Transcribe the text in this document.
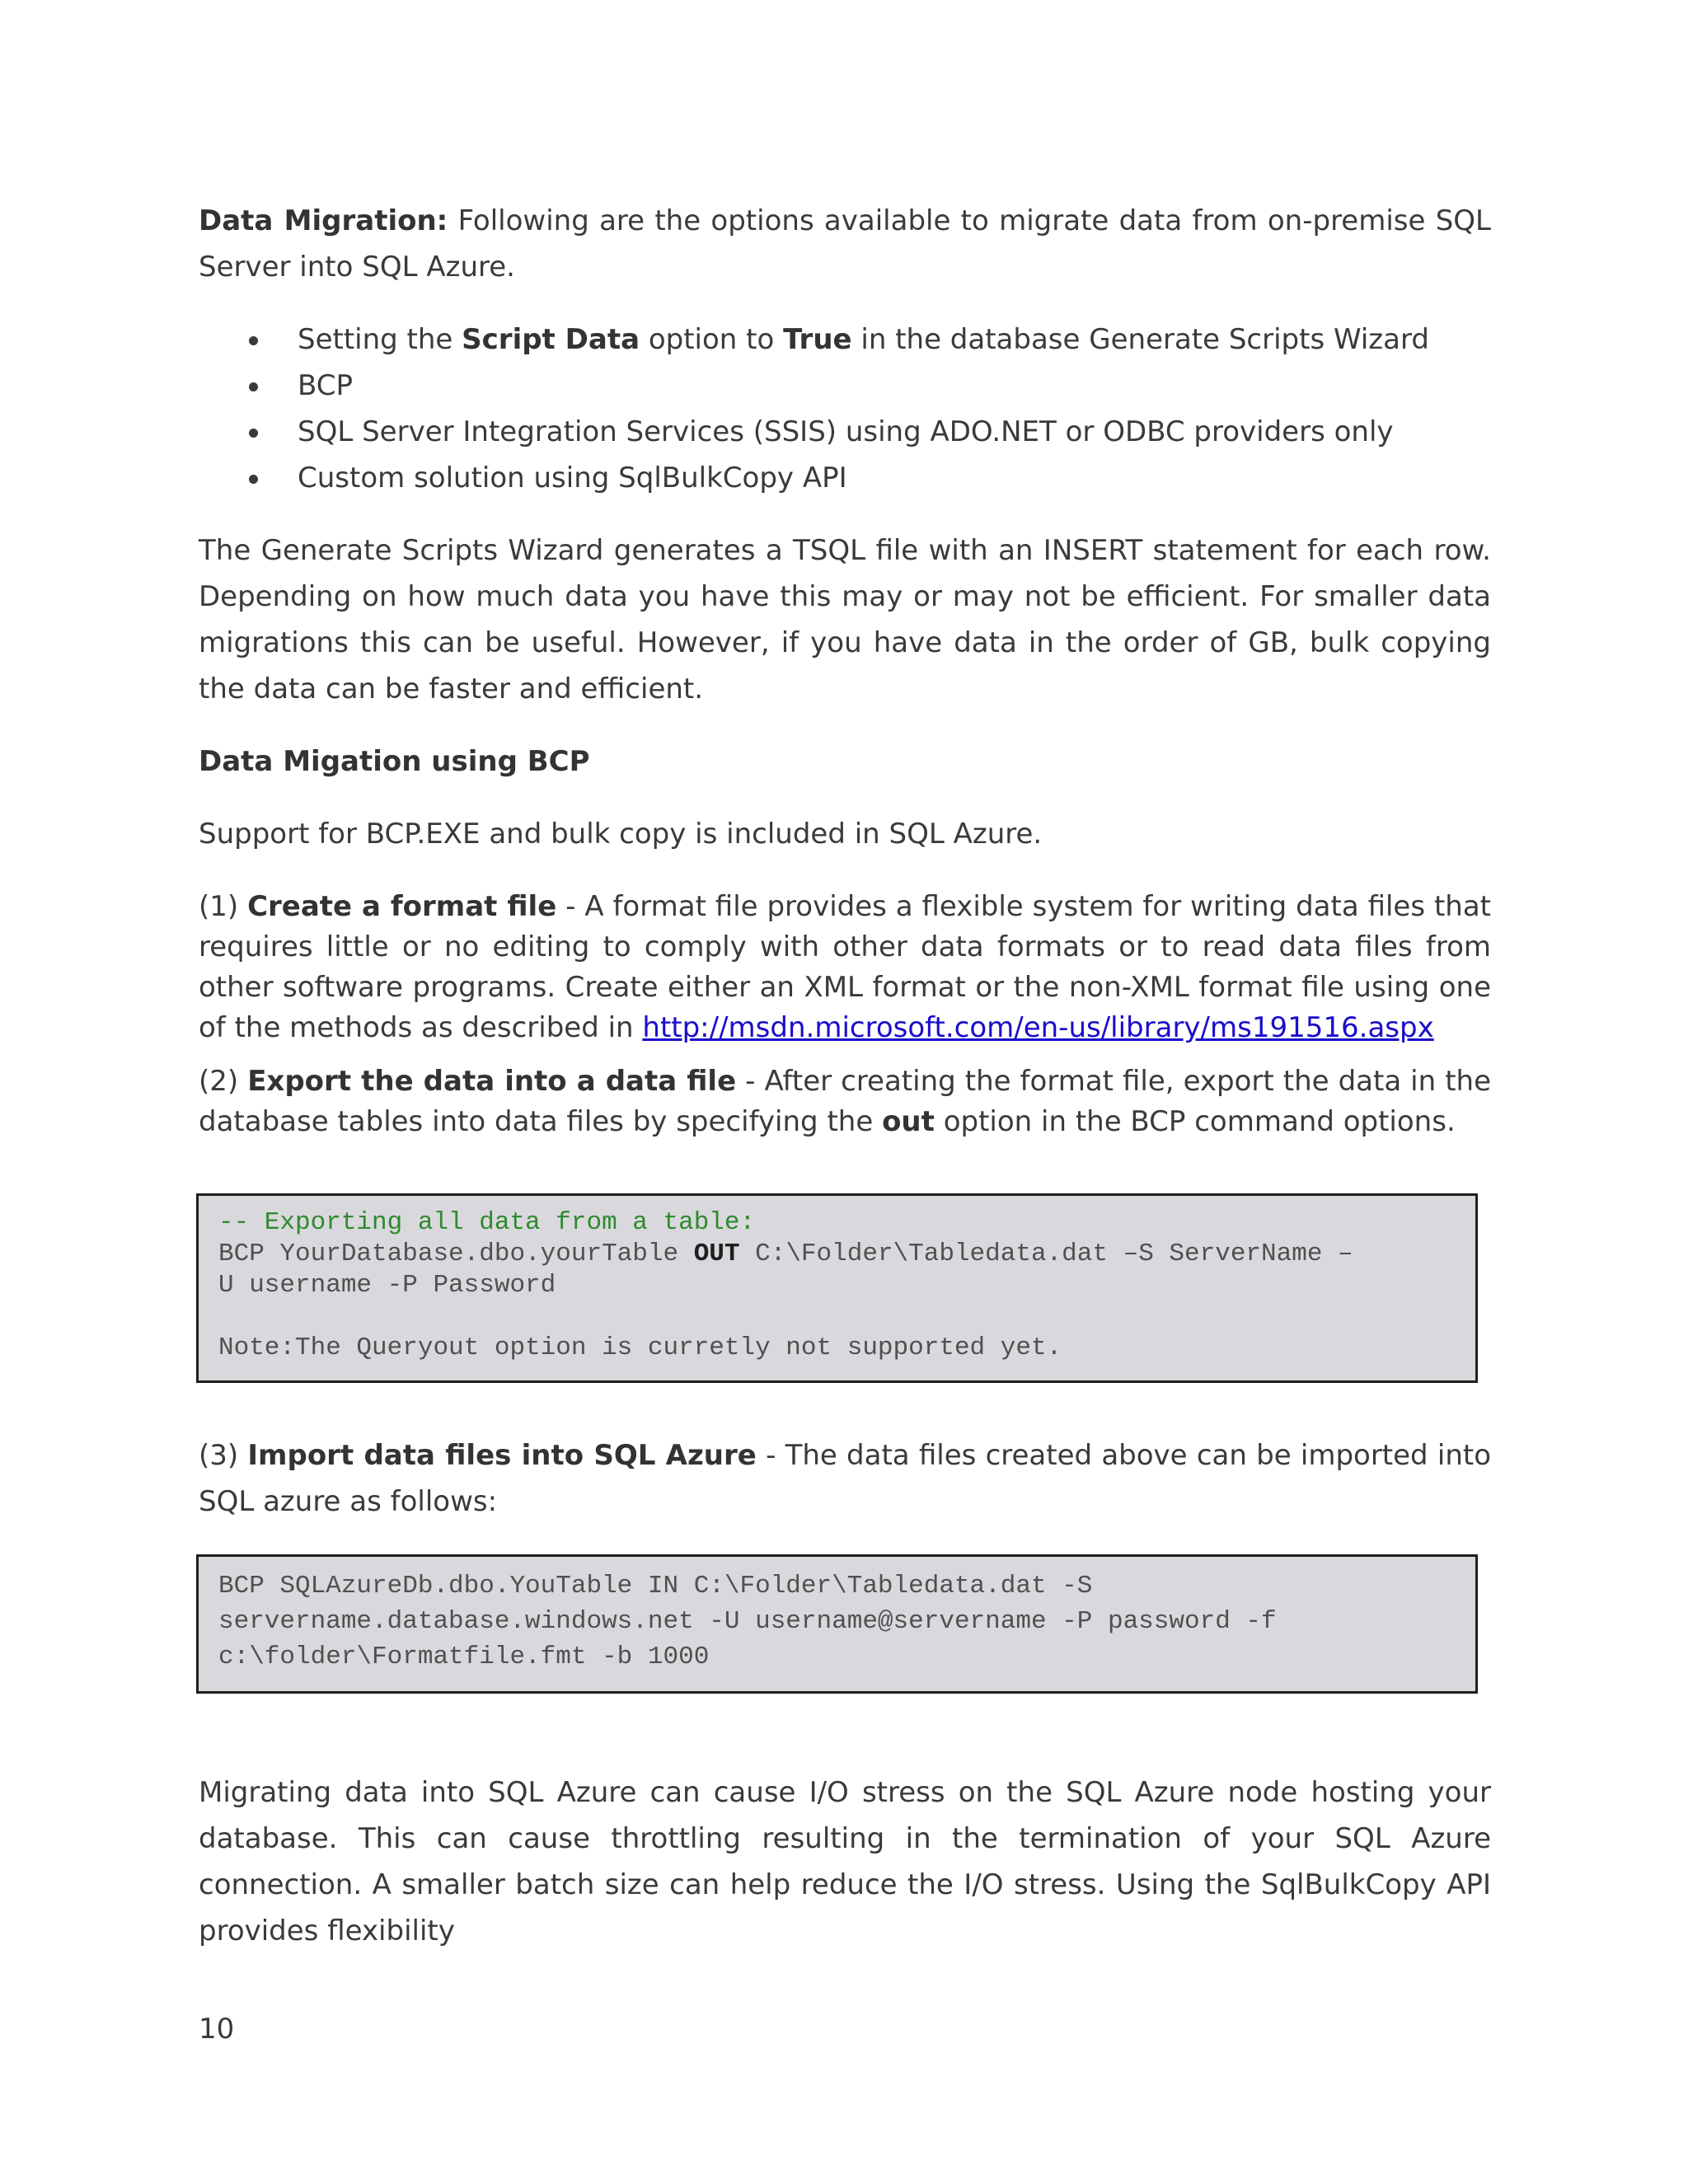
Data Migration: Following are the options available to migrate data from on-premise SQL Server into SQL Azure.

Setting the Script Data option to True in the database Generate Scripts Wizard
BCP
SQL Server Integration Services (SSIS) using ADO.NET or ODBC providers only
Custom solution using SqlBulkCopy API

The Generate Scripts Wizard generates a TSQL file with an INSERT statement for each row. Depending on how much data you have this may or may not be efficient. For smaller data migrations this can be useful. However, if you have data in the order of GB, bulk copying the data can be faster and efficient.

Data Migation using BCP

Support for BCP.EXE and bulk copy is included in SQL Azure.

(1) Create a format file - A format file provides a flexible system for writing data files that requires little or no editing to comply with other data formats or to read data files from other software programs. Create either an XML format or the non-XML format file using one of the methods as described in http://msdn.microsoft.com/en-us/library/ms191516.aspx

(2) Export the data into a data file - After creating the format file, export the data in the database tables into data files by specifying the out option in the BCP command options.

-- Exporting all data from a table:
BCP YourDatabase.dbo.yourTable OUT C:\Folder\Tabledata.dat –S ServerName –
U username -P Password

Note:The Queryout option is curretly not supported yet.

(3) Import data files into SQL Azure - The data files created above can be imported into SQL azure as follows:

BCP SQLAzureDb.dbo.YouTable IN C:\Folder\Tabledata.dat -S
servername.database.windows.net -U username@servername -P password -f
c:\folder\Formatfile.fmt -b 1000

Migrating data into SQL Azure can cause I/O stress on the SQL Azure node hosting your database. This can cause throttling resulting in the termination of your SQL Azure connection. A smaller batch size can help reduce the I/O stress. Using the SqlBulkCopy API provides flexibility

10
